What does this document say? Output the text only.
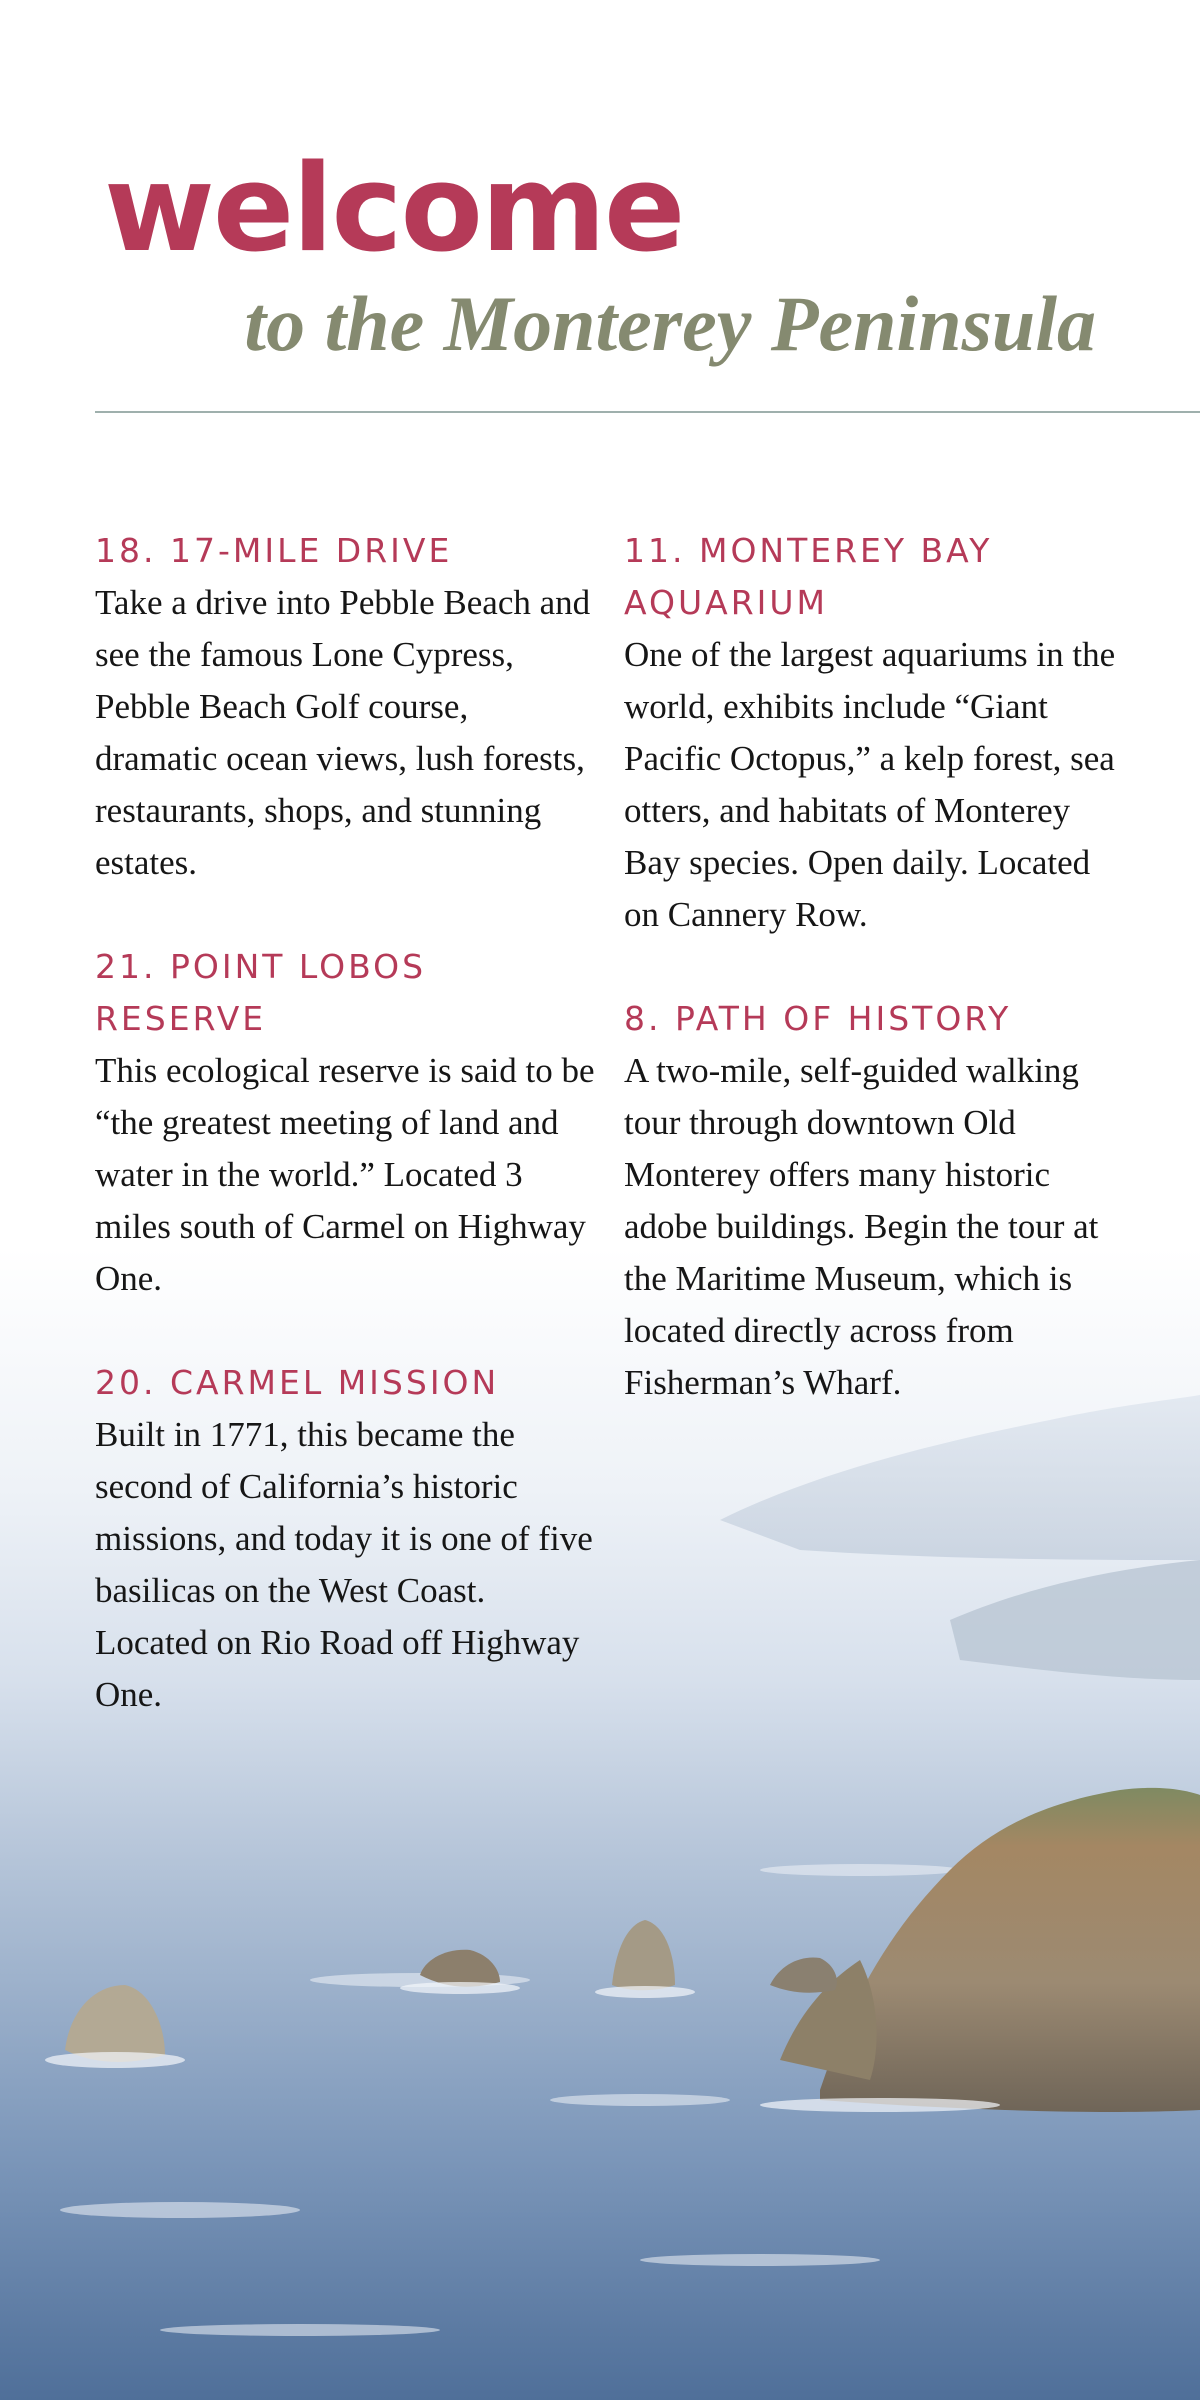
welcome
to the Monterey Peninsula

18. 17-MILE DRIVE

Take a drive into Pebble Beach and see the famous Lone Cypress, Pebble Beach Golf course, dramatic ocean views, lush forests, restaurants, shops, and stunning estates.

21. POINT LOBOS RESERVE

This ecological reserve is said to be “the greatest meeting of land and water in the world.” Located 3 miles south of Carmel on Highway One.

20. CARMEL MISSION

Built in 1771, this became the second of California’s historic missions, and today it is one of five basilicas on the West Coast. Located on Rio Road off Highway One.

11. MONTEREY BAY AQUARIUM

One of the largest aquariums in the world, exhibits include “Giant Pacific Octopus,” a kelp forest, sea otters, and habitats of Monterey Bay species. Open daily. Located on Cannery Row.

8. PATH OF HISTORY

A two-mile, self-guided walking tour through downtown Old Monterey offers many historic adobe buildings. Begin the tour at the Maritime Museum, which is located directly across from Fisherman’s Wharf.
